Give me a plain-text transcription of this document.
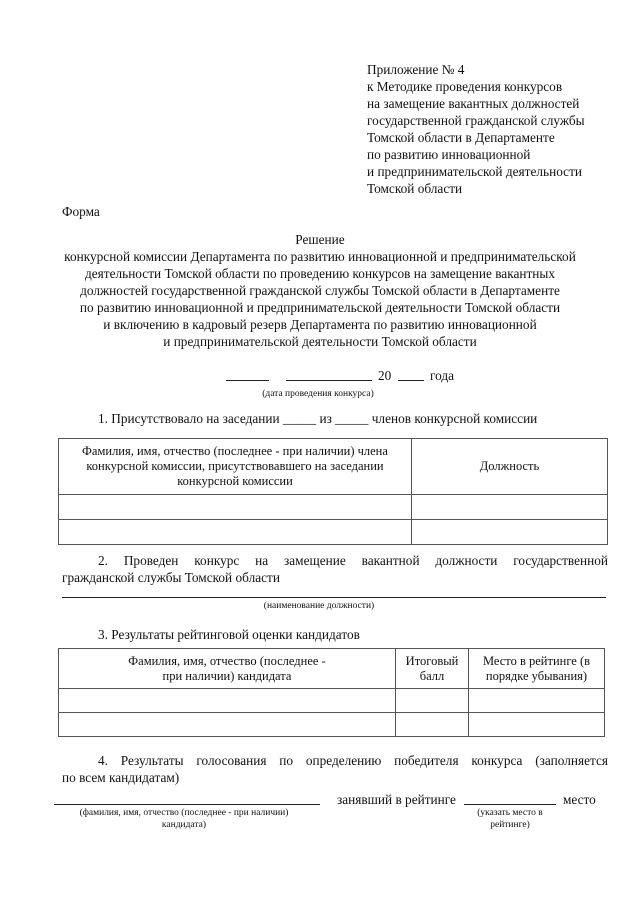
Приложение № 4
к Методике проведения конкурсов
на замещение вакантных должностей
государственной гражданской службы
Томской области в Департаменте
по развитию инновационной
и предпринимательской деятельности
Томской области
Форма
Решение
конкурсной комиссии Департамента по развитию инновационной и предпринимательской
деятельности Томской области по проведению конкурсов на замещение вакантных
должностей государственной гражданской службы Томской области в Департаменте
по развитию инновационной и предпринимательской деятельности Томской области
и включению в кадровый резерв Департамента по развитию инновационной
и предпринимательской деятельности Томской области
20	года
(дата проведения конкурса)
1. Присутствовало на заседании _____ из _____ членов конкурсной комиссии
Фамилия, имя, отчество (последнее - при наличии) члена конкурсной комиссии, присутствовавшего на заседании конкурсной комиссии	Должность

2. Проведен конкурс на замещение вакантной должности государственной
гражданской службы Томской области
(наименование должности)
3. Результаты рейтинговой оценки кандидатов
Фамилия, имя, отчество (последнее - при наличии) кандидата	Итоговый балл	Место в рейтинге (в порядке убывания)

4. Результаты голосования по определению победителя конкурса (заполняется
по всем кандидатам)
занявший в рейтинге	место
(фамилия, имя, отчество (последнее - при наличии) кандидата)
(указать место в рейтинге)
